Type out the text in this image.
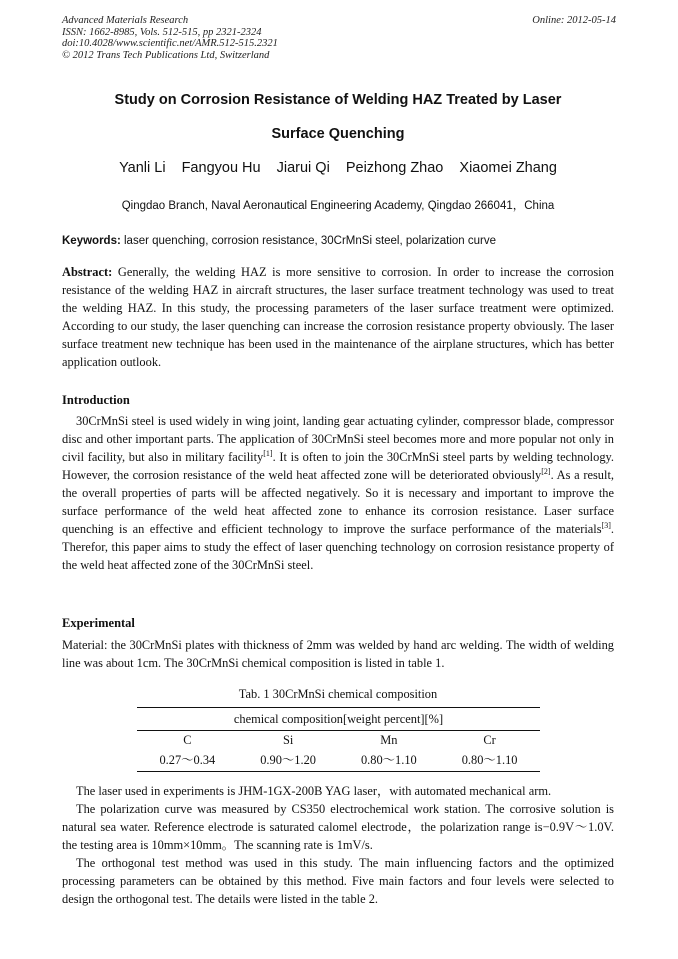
Advanced Materials Research
ISSN: 1662-8985, Vols. 512-515, pp 2321-2324
doi:10.4028/www.scientific.net/AMR.512-515.2321
© 2012 Trans Tech Publications Ltd, Switzerland
Online: 2012-05-14
Study on Corrosion Resistance of Welding HAZ Treated by Laser
Surface Quenching
Yanli Li Fangyou Hu Jiarui Qi Peizhong Zhao Xiaomei Zhang
Qingdao Branch, Naval Aeronautical Engineering Academy, Qingdao 266041，China
Keywords: laser quenching, corrosion resistance, 30CrMnSi steel, polarization curve
Abstract: Generally, the welding HAZ is more sensitive to corrosion. In order to increase the corrosion resistance of the welding HAZ in aircraft structures, the laser surface treatment technology was used to treat the welding HAZ. In this study, the processing parameters of the laser surface treatment were optimized. According to our study, the laser quenching can increase the corrosion resistance property obviously. The laser surface treatment new technique has been used in the maintenance of the airplane structures, which has better application outlook.
Introduction
30CrMnSi steel is used widely in wing joint, landing gear actuating cylinder, compressor blade, compressor disc and other important parts. The application of 30CrMnSi steel becomes more and more popular not only in civil facility, but also in military facility[1]. It is often to join the 30CrMnSi steel parts by welding technology. However, the corrosion resistance of the weld heat affected zone will be deteriorated obviously[2]. As a result, the overall properties of parts will be affected negatively. So it is necessary and important to improve the surface performance of the weld heat affected zone to enhance its corrosion resistance. Laser surface quenching is an effective and efficient technology to improve the surface performance of the materials[3]. Therefor, this paper aims to study the effect of laser quenching technology on corrosion resistance property of the weld heat affected zone of the 30CrMnSi steel.
Experimental
Material: the 30CrMnSi plates with thickness of 2mm was welded by hand arc welding. The width of welding line was about 1cm. The 30CrMnSi chemical composition is listed in table 1.
Tab. 1 30CrMnSi chemical composition
chemical composition[weight percent][%]			
C	Si	Mn	Cr
0.27～0.34	0.90～1.20	0.80～1.10	0.80～1.10
The laser used in experiments is JHM-1GX-200B YAG laser，with automated mechanical arm.
The polarization curve was measured by CS350 electrochemical work station. The corrosive solution is natural sea water. Reference electrode is saturated calomel electrode，the polarization range is−0.9V～1.0V. the testing area is 10mm×10mm。The scanning rate is 1mV/s.
The orthogonal test method was used in this study. The main influencing factors and the optimized processing parameters can be obtained by this method. Five main factors and four levels were selected to design the orthogonal test. The details were listed in the table 2.
